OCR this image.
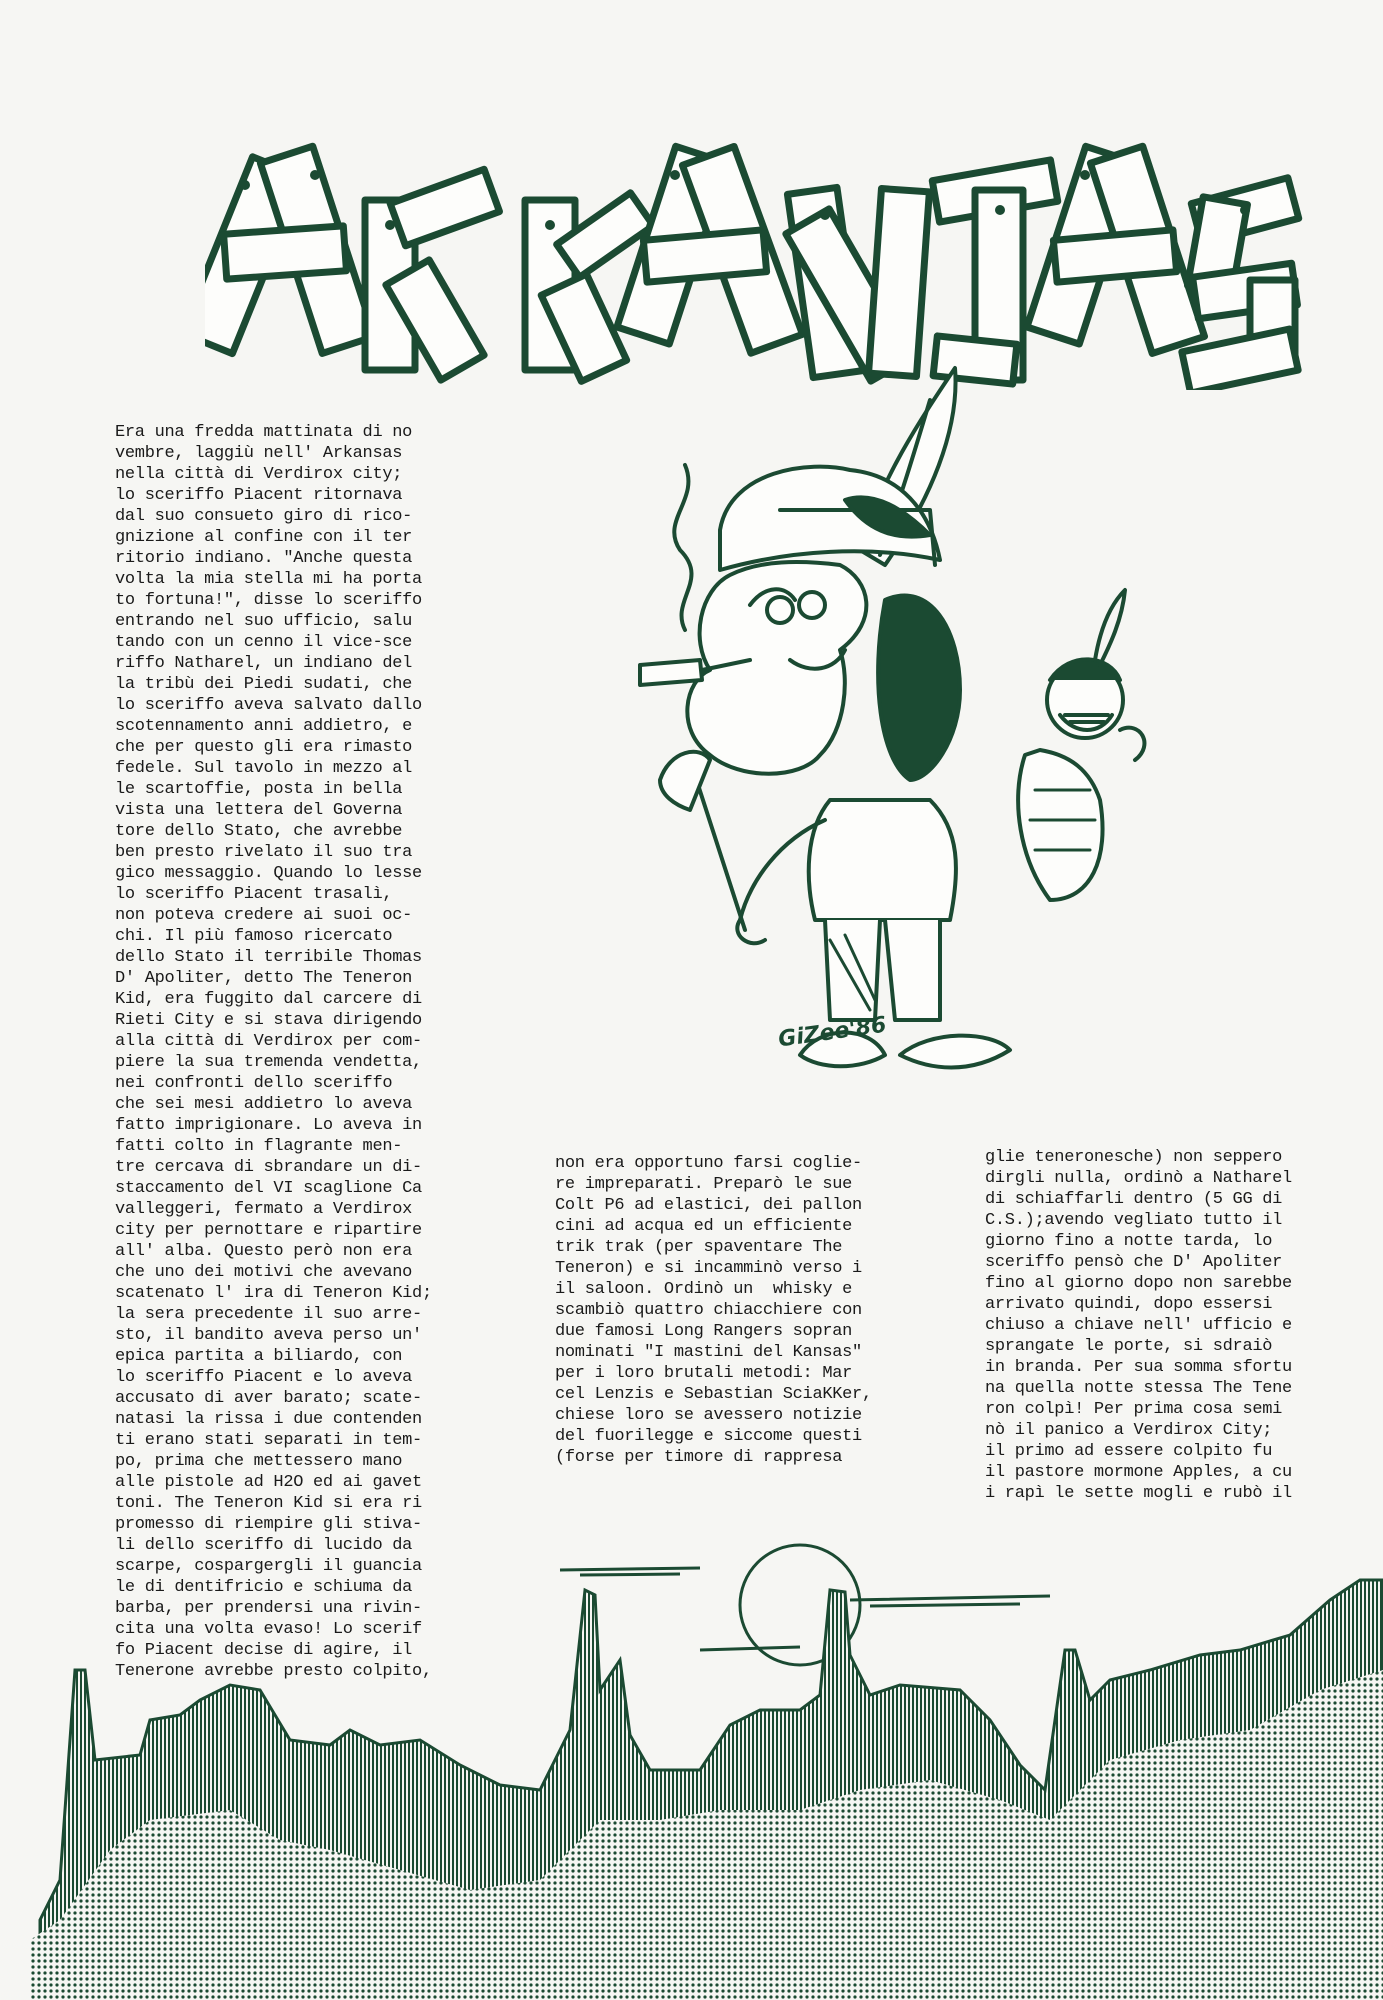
Era una fredda mattinata di no
vembre, laggiù nell' Arkansas
nella città di Verdirox city;
lo sceriffo Piacent ritornava
dal suo consueto giro di rico-
gnizione al confine con il ter
ritorio indiano. "Anche questa
volta la mia stella mi ha porta
to fortuna!", disse lo sceriffo
entrando nel suo ufficio, salu
tando con un cenno il vice-sce
riffo Natharel, un indiano del
la tribù dei Piedi sudati, che
lo sceriffo aveva salvato dallo
scotennamento anni addietro, e
che per questo gli era rimasto
fedele. Sul tavolo in mezzo al
le scartoffie, posta in bella
vista una lettera del Governa
tore dello Stato, che avrebbe
ben presto rivelato il suo tra
gico messaggio. Quando lo lesse
lo sceriffo Piacent trasalì,
non poteva credere ai suoi oc-
chi. Il più famoso ricercato
dello Stato il terribile Thomas
D' Apoliter, detto The Teneron
Kid, era fuggito dal carcere di
Rieti City e si stava dirigendo
alla città di Verdirox per com-
piere la sua tremenda vendetta,
nei confronti dello sceriffo
che sei mesi addietro lo aveva
fatto imprigionare. Lo aveva in
fatti colto in flagrante men-
tre cercava di sbrandare un di-
staccamento del VI scaglione Ca
valleggeri, fermato a Verdirox
city per pernottare e ripartire
all' alba. Questo però non era
che uno dei motivi che avevano
scatenato l' ira di Teneron Kid;
la sera precedente il suo arre-
sto, il bandito aveva perso un'
epica partita a biliardo, con
lo sceriffo Piacent e lo aveva
accusato di aver barato; scate-
natasi la rissa i due contenden
ti erano stati separati in tem-
po, prima che mettessero mano
alle pistole ad H2O ed ai gavet
toni. The Teneron Kid si era ri
promesso di riempire gli stiva-
li dello sceriffo di lucido da
scarpe, cospargergli il guancia
le di dentifricio e schiuma da
barba, per prendersi una rivin-
cita una volta evaso! Lo scerif
fo Piacent decise di agire, il
Tenerone avrebbe presto colpito,
non era opportuno farsi coglie-
re impreparati. Preparò le sue
Colt P6 ad elastici, dei pallon
cini ad acqua ed un efficiente
trik trak (per spaventare The
Teneron) e si incamminò verso i
il saloon. Ordinò un  whisky e
scambiò quattro chiacchiere con
due famosi Long Rangers sopran
nominati "I mastini del Kansas"
per i loro brutali metodi: Mar
cel Lenzis e Sebastian SciaKKer,
chiese loro se avessero notizie
del fuorilegge e siccome questi
(forse per timore di rappresa
glie teneronesche) non seppero
dirgli nulla, ordinò a Natharel
di schiaffarli dentro (5 GG di
C.S.);avendo vegliato tutto il
giorno fino a notte tarda, lo
sceriffo pensò che D' Apoliter
fino al giorno dopo non sarebbe
arrivato quindi, dopo essersi
chiuso a chiave nell' ufficio e
sprangate le porte, si sdraiò
in branda. Per sua somma sfortu
na quella notte stessa The Tene
ron colpì! Per prima cosa semi
nò il panico a Verdirox City;
il primo ad essere colpito fu
il pastore mormone Apples, a cu
i rapì le sette mogli e rubò il
GiZee'86
